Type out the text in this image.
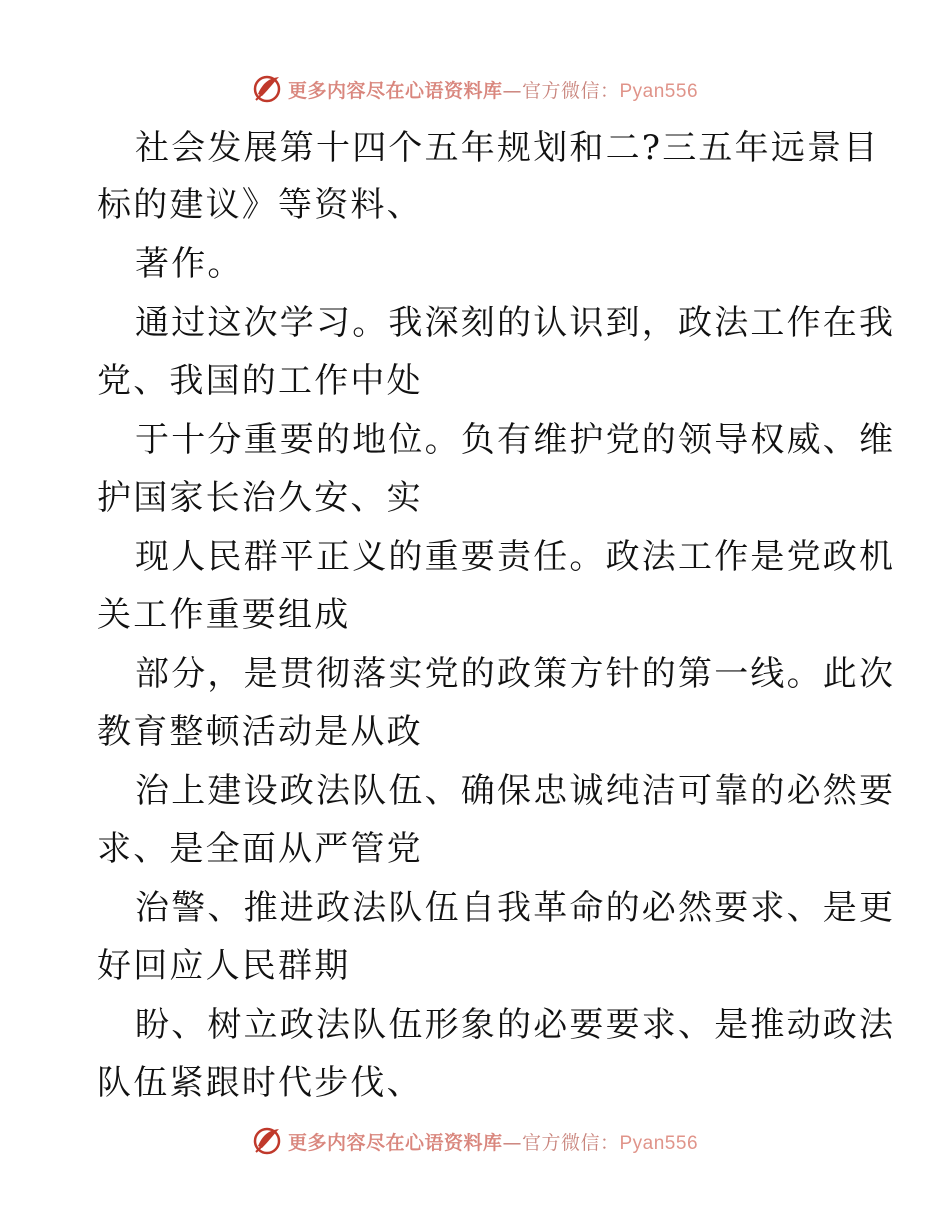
更多内容尽在心语资料库—官方微信：Pyan556
社会发展第十四个五年规划和二?三五年远景目
标的建议》等资料、
著作。
通过这次学习。我深刻的认识到，政法工作在我
党、我国的工作中处
于十分重要的地位。负有维护党的领导权威、维
护国家长治久安、实
现人民群平正义的重要责任。政法工作是党政机
关工作重要组成
部分，是贯彻落实党的政策方针的第一线。此次
教育整顿活动是从政
治上建设政法队伍、确保忠诚纯洁可靠的必然要
求、是全面从严管党
治警、推进政法队伍自我革命的必然要求、是更
好回应人民群期
盼、树立政法队伍形象的必要要求、是推动政法
队伍紧跟时代步伐、
更多内容尽在心语资料库—官方微信：Pyan556
